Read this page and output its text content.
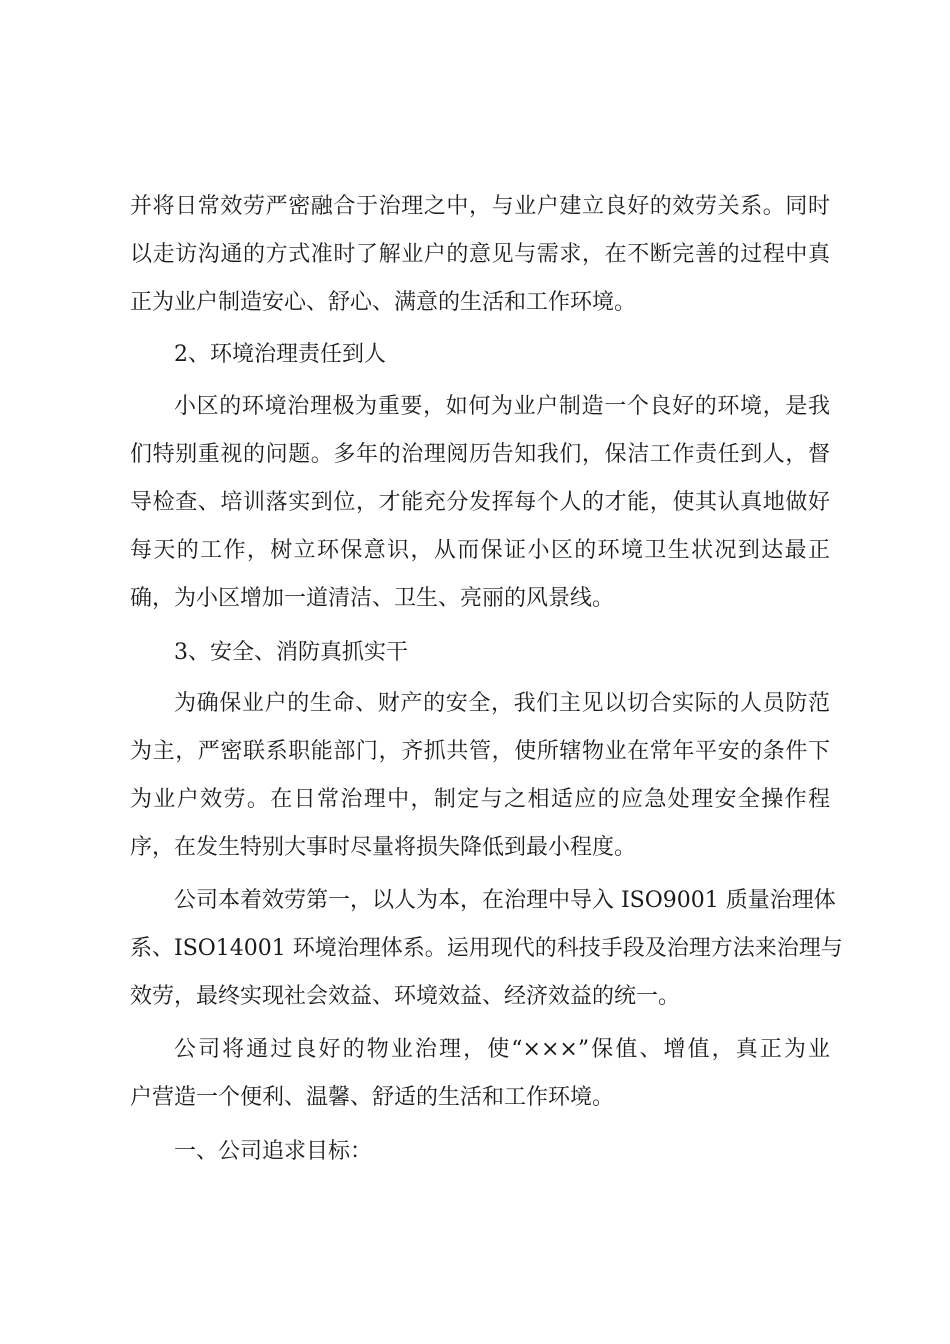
并将日常效劳严密融合于治理之中，与业户建立良好的效劳关系。同时
以走访沟通的方式准时了解业户的意见与需求，在不断完善的过程中真
正为业户制造安心、舒心、满意的生活和工作环境。
2、环境治理责任到人
小区的环境治理极为重要，如何为业户制造一个良好的环境，是我
们特别重视的问题。多年的治理阅历告知我们，保洁工作责任到人，督
导检查、培训落实到位，才能充分发挥每个人的才能，使其认真地做好
每天的工作，树立环保意识，从而保证小区的环境卫生状况到达最正
确，为小区增加一道清洁、卫生、亮丽的风景线。
3、安全、消防真抓实干
为确保业户的生命、财产的安全，我们主见以切合实际的人员防范
为主，严密联系职能部门，齐抓共管，使所辖物业在常年平安的条件下
为业户效劳。在日常治理中，制定与之相适应的应急处理安全操作程
序，在发生特别大事时尽量将损失降低到最小程度。
公司本着效劳第一，以人为本，在治理中导入 ISO9001 质量治理体
系、ISO14001 环境治理体系。运用现代的科技手段及治理方法来治理与
效劳，最终实现社会效益、环境效益、经济效益的统一。
公司将通过良好的物业治理，使“×××”保值、增值，真正为业
户营造一个便利、温馨、舒适的生活和工作环境。
一、公司追求目标：
